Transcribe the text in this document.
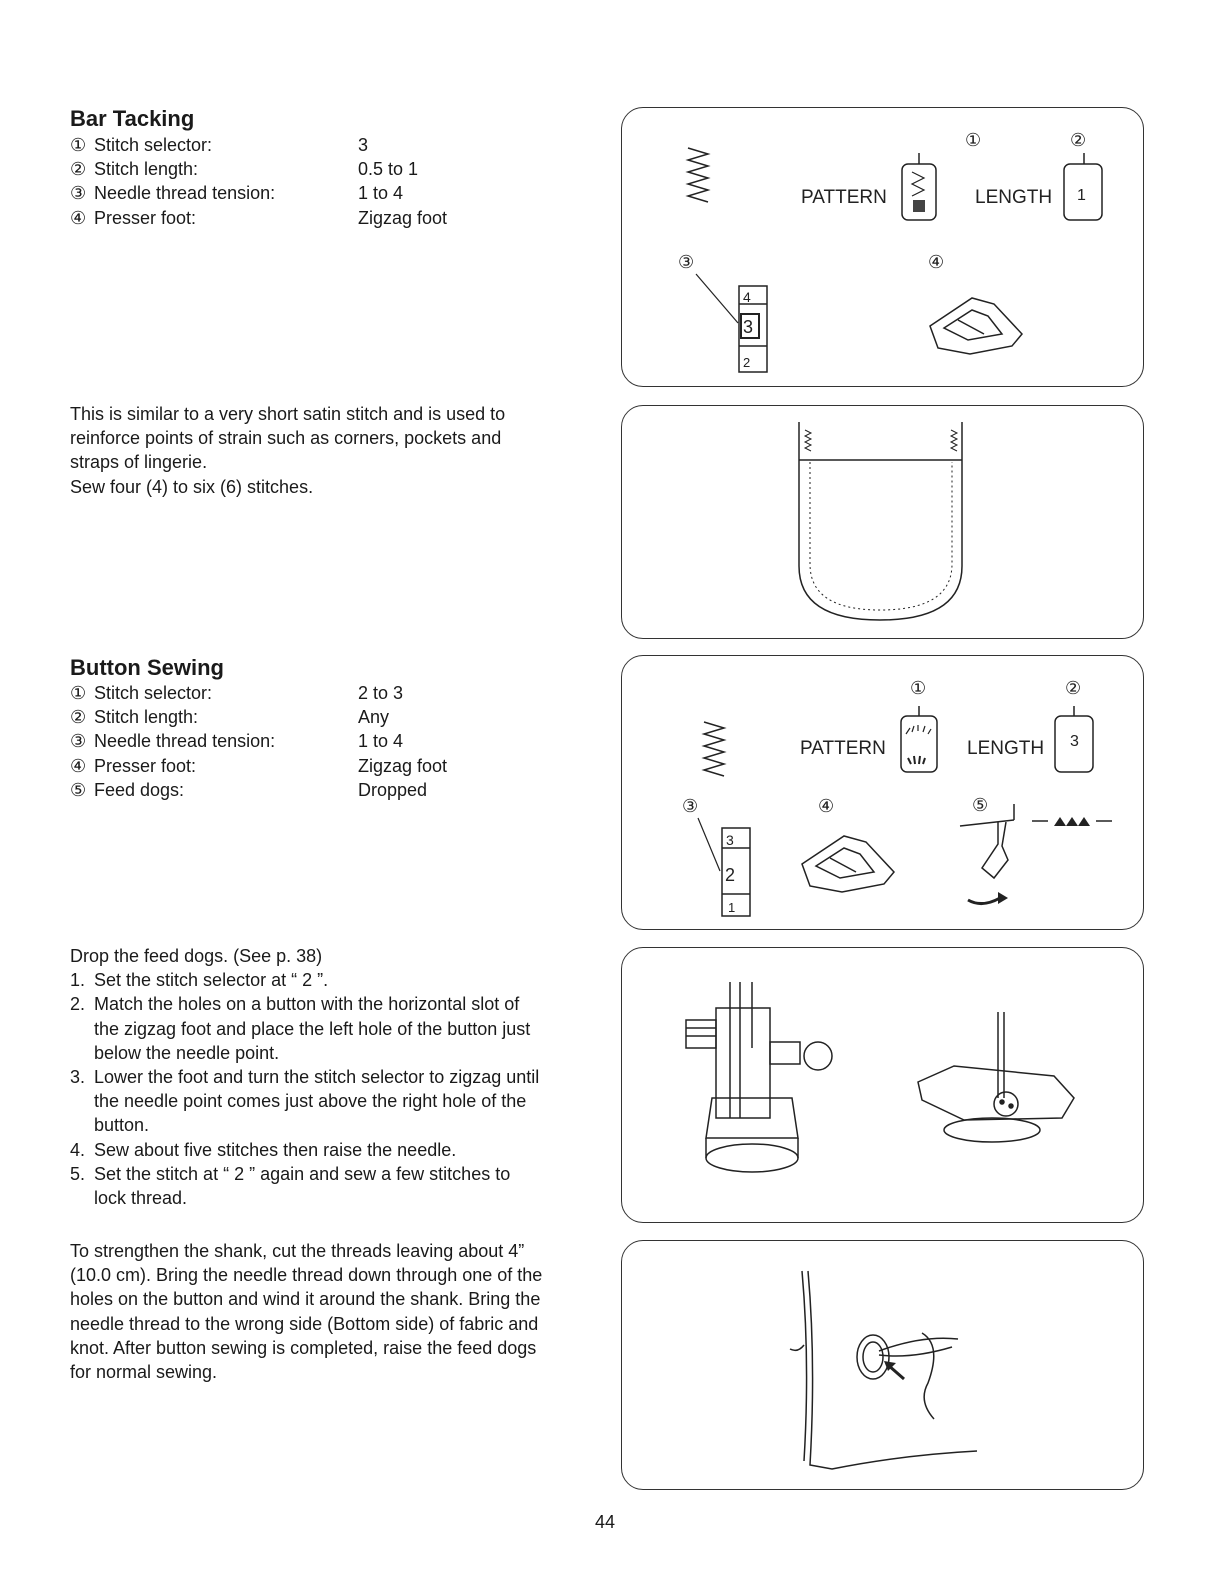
Bar Tacking
① Stitch selector:	3
② Stitch length:	0.5 to 1
③ Needle thread tension:	1 to 4
④ Presser foot:	Zigzag foot

This is similar to a very short satin stitch and is used to

reinforce points of strain such as corners, pockets and

straps of lingerie.

Sew four (4) to six (6) stitches.

①	②
PATTERN	LENGTH 1
③	④
4
3
2
Button Sewing
① Stitch selector:	2 to 3
② Stitch length:	Any
③ Needle thread tension:	1 to 4
④ Presser foot:	Zigzag foot
⑤ Feed dogs:	Dropped

Drop the feed dogs. (See p. 38)

1. Set the stitch selector at “ 2 ”.
2. Match the holes on a button with the horizontal slot of
the zigzag foot and place the left hole of the button just
below the needle point.
3. Lower the foot and turn the stitch selector to zigzag until
the needle point comes just above the right hole of the
button.
4. Sew about five stitches then raise the needle.
5. Set the stitch at “ 2 ” again and sew a few stitches to
lock thread.

To strengthen the shank, cut the threads leaving about 4”

(10.0 cm). Bring the needle thread down through one of the

holes on the button and wind it around the shank. Bring the

needle thread to the wrong side (Bottom side) of fabric and

knot. After button sewing is completed, raise the feed dogs

for normal sewing.

①	②
PATTERN	LENGTH 3
③	④	⑤
3
2
1
44
